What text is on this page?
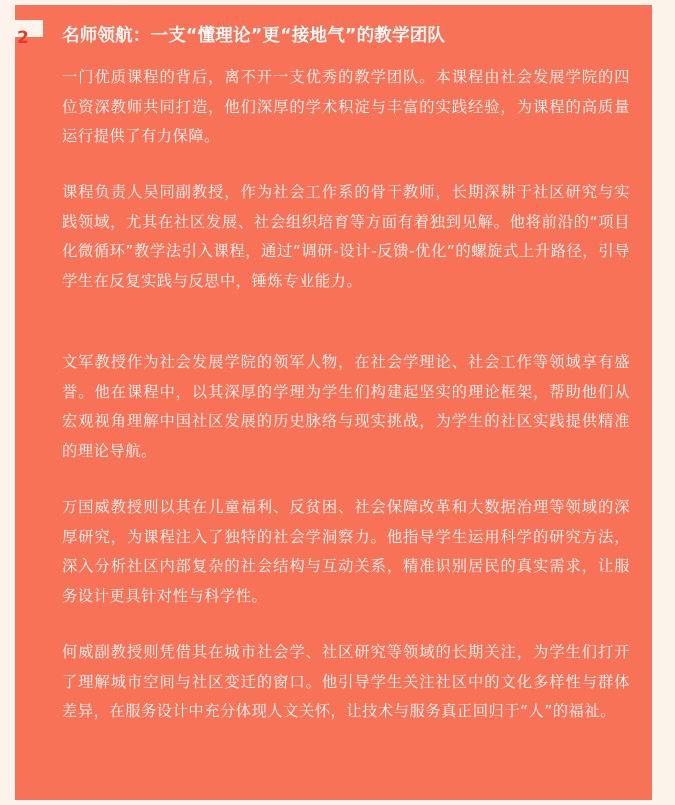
2 名师领航：一支“懂理论”更“接地气”的教学团队

一门优质课程的背后，离不开一支优秀的教学团队。本课程由社会发展学院的四位资深教师共同打造，他们深厚的学术积淀与丰富的实践经验，为课程的高质量运行提供了有力保障。

课程负责人吴同副教授，作为社会工作系的骨干教师，长期深耕于社区研究与实践领域，尤其在社区发展、社会组织培育等方面有着独到见解。他将前沿的“项目化微循环”教学法引入课程，通过“调研-设计-反馈-优化”的螺旋式上升路径，引导学生在反复实践与反思中，锤炼专业能力。

文军教授作为社会发展学院的领军人物，在社会学理论、社会工作等领域享有盛誉。他在课程中，以其深厚的学理为学生们构建起坚实的理论框架，帮助他们从宏观视角理解中国社区发展的历史脉络与现实挑战，为学生的社区实践提供精准的理论导航。

万国威教授则以其在儿童福利、反贫困、社会保障改革和大数据治理等领域的深厚研究，为课程注入了独特的社会学洞察力。他指导学生运用科学的研究方法，深入分析社区内部复杂的社会结构与互动关系，精准识别居民的真实需求，让服务设计更具针对性与科学性。

何威副教授则凭借其在城市社会学、社区研究等领域的长期关注，为学生们打开了理解城市空间与社区变迁的窗口。他引导学生关注社区中的文化多样性与群体差异，在服务设计中充分体现人文关怀，让技术与服务真正回归于“人”的福祉。
